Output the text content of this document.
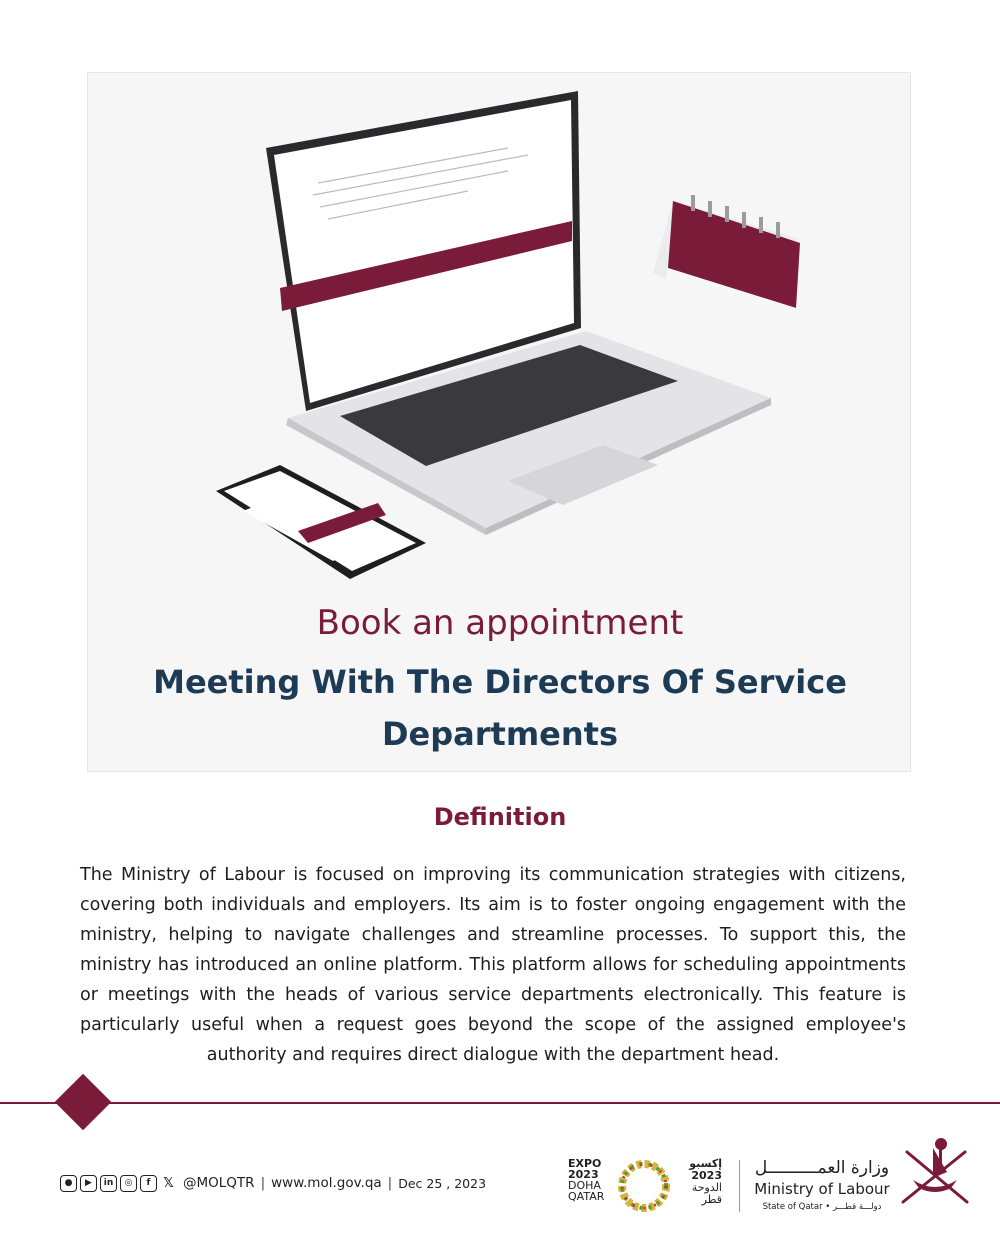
Book an appointment
Meeting With The Directors Of Service
Departments
Definition
The Ministry of Labour is focused on improving its communication strategies with citizens, covering both individuals and employers. Its aim is to foster ongoing engagement with the ministry, helping to navigate challenges and streamline processes. To support this, the ministry has introduced an online platform. This platform allows for scheduling appointments or meetings with the heads of various service departments electronically. This feature is particularly useful when a request goes beyond the scope of the assigned employee's authority and requires direct dialogue with the department head.
●	▶	in	◎	f 𝕏 @MOLQTR | www.mol.gov.qa | Dec 25 , 2023
EXPO
2023
DOHA
QATAR
إكسبو
2023
الدوحة
قطر
وزارة العمــــــــــل
Ministry of Labour
State of Qatar • دولـــة قطـــر
